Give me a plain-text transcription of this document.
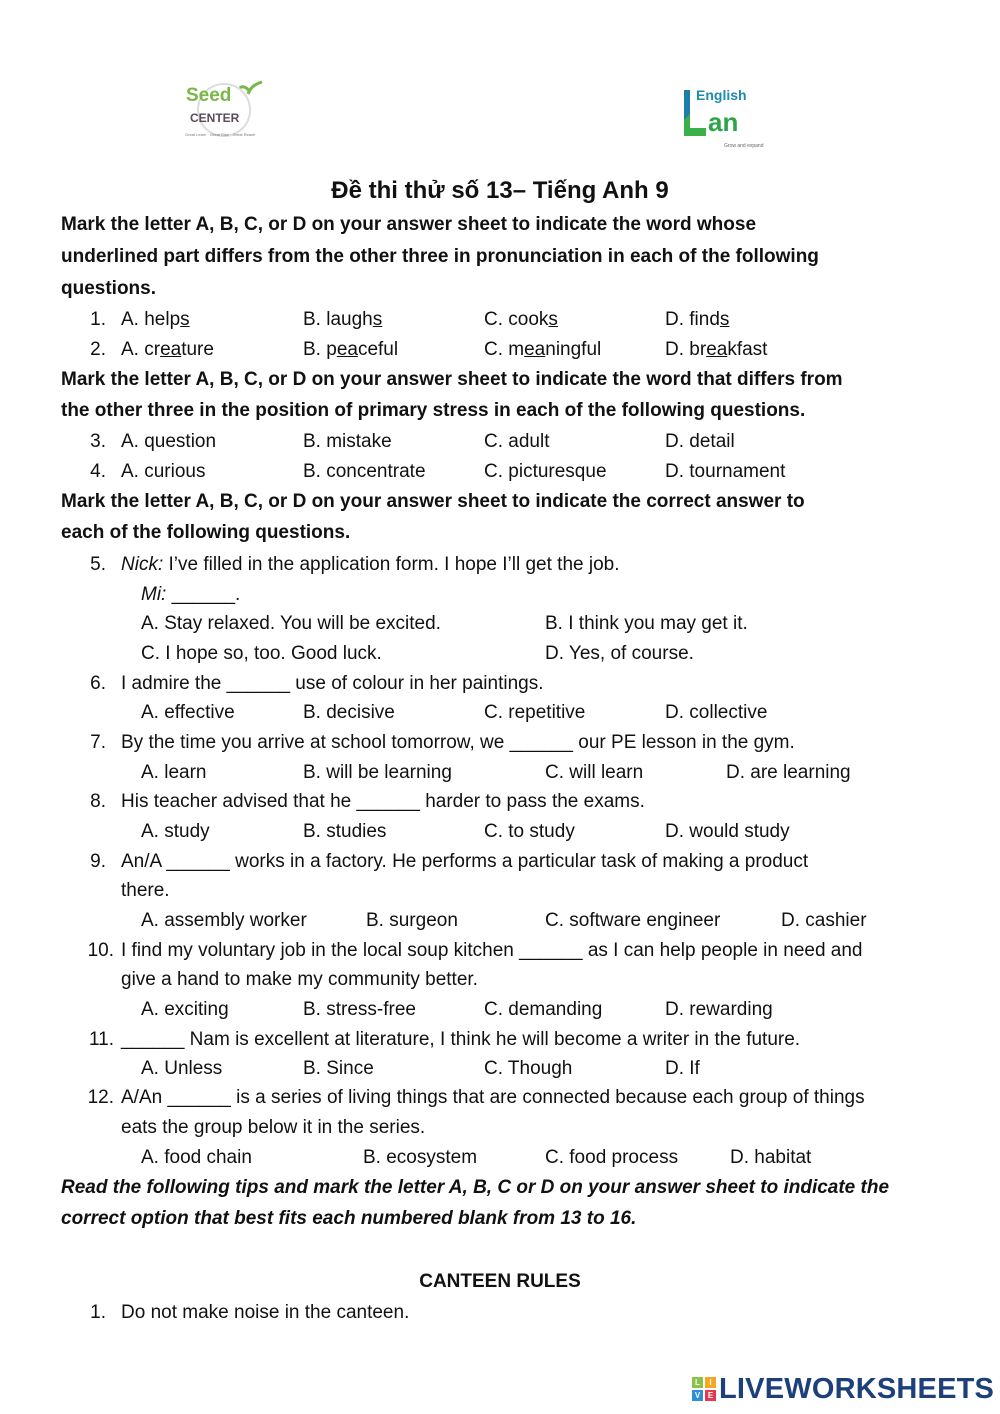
Seed
CENTER
Great Learn · Great Rise · Great Reach
English
an
Grow and expand
Đề thi thử số 13– Tiếng Anh 9
Mark the letter A, B, C, or D on your answer sheet to indicate the word whose
underlined part differs from the other three in pronunciation in each of the following
questions.
1. A. helps	B. laughs	C. cooks	D. finds
2. A. creature	B. peaceful	C. meaningful	D. breakfast
Mark the letter A, B, C, or D on your answer sheet to indicate the word that differs from
the other three in the position of primary stress in each of the following questions.
3. A. question	B. mistake	C. adult	D. detail
4. A. curious	B. concentrate	C. picturesque	D. tournament
Mark the letter A, B, C, or D on your answer sheet to indicate the correct answer to
each of the following questions.
5. Nick: I’ve filled in the application form. I hope I’ll get the job.
Mi: ______.
A. Stay relaxed. You will be excited.	B. I think you may get it.
C. I hope so, too. Good luck.	D. Yes, of course.
6. I admire the ______ use of colour in her paintings.
A. effective	B. decisive	C. repetitive	D. collective
7. By the time you arrive at school tomorrow, we ______ our PE lesson in the gym.
A. learn	B. will be learning	C. will learn	D. are learning
8. His teacher advised that he ______ harder to pass the exams.
A. study	B. studies	C. to study	D. would study
9. An/A ______ works in a factory. He performs a particular task of making a product
there.
A. assembly worker	B. surgeon	C. software engineer	D. cashier
10. I find my voluntary job in the local soup kitchen ______ as I can help people in need and
give a hand to make my community better.
A. exciting	B. stress-free	C. demanding	D. rewarding
11. ______ Nam is excellent at literature, I think he will become a writer in the future.
A. Unless	B. Since	C. Though	D. If
12. A/An ______ is a series of living things that are connected because each group of things
eats the group below it in the series.
A. food chain	B. ecosystem	C. food process	D. habitat
Read the following tips and mark the letter A, B, C or D on your answer sheet to indicate the
correct option that best fits each numbered blank from 13 to 16.
CANTEEN RULES
1. Do not make noise in the canteen.
L	I
V E LIVEWORKSHEETS
